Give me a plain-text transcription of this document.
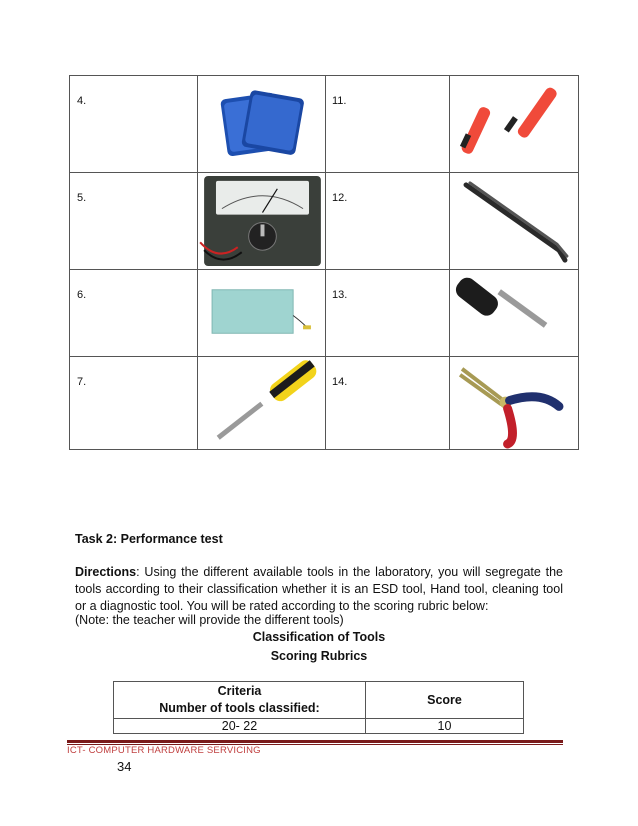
4.		11.	

5.		12.	

6.		13.	

7.		14.	
Task 2: Performance test
Directions: Using the different available tools in the laboratory, you will segregate the tools according to their classification whether it is an ESD tool, Hand tool, cleaning tool or a diagnostic tool. You will be rated according to the scoring rubric below:
(Note: the teacher will provide the different tools)
Classification of Tools
Scoring Rubrics
Criteria
Number of tools classified:	Score
20- 22	10
ICT- COMPUTER HARDWARE SERVICING
34
